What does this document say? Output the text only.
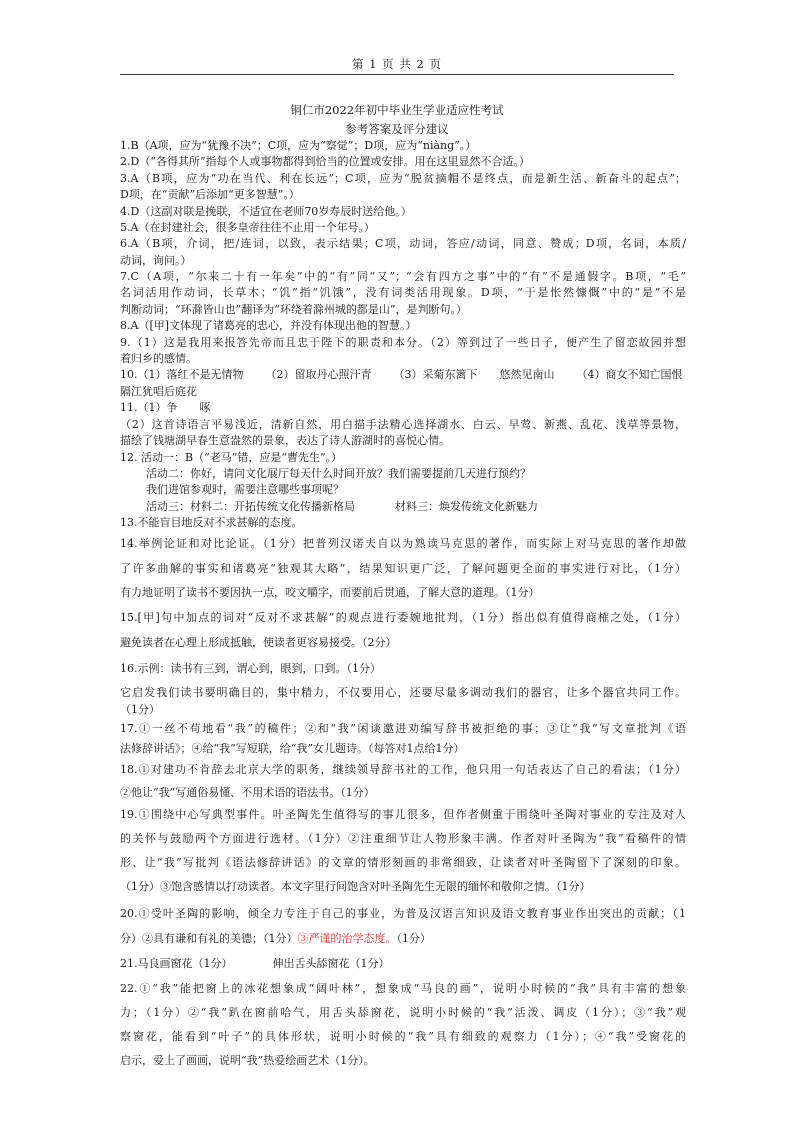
第 1 页 共 2 页
铜仁市2022年初中毕业生学业适应性考试
参考答案及评分建议
1.B（A项，应为“犹豫不决”；C项，应为“察觉”；D项，应为“niàng”。）
2.D（“各得其所”指每个人或事物都得到恰当的位置或安排。用在这里显然不合适。）
3.A（B项，应为“功在当代、利在长远”；C项，应为“脱贫摘帽不是终点，而是新生活、新奋斗的起点”；
D项，在“贡献”后添加“更多智慧”。）
4.D（这副对联是挽联，不适宜在老师70岁寿辰时送给他。）
5.A（在封建社会，很多皇帝往往不止用一个年号。）
6.A（B项，介词，把/连词，以致，表示结果；C项，动词，答应/动词，同意、赞成；D项，名词，本质/
动词，询问。）
7.C（A项，“尔来二十有一年矣”中的“有”同“又”；“会有四方之事”中的“有”不是通假字。B项，“毛”
名词活用作动词，长草木；“饥”指“饥饿”，没有词类活用现象。D项，“于是怅然慷慨”中的“是”不是
判断动词；“环滁皆山也”翻译为“环绕着滁州城的都是山”，是判断句。）
8.A（[甲]文体现了诸葛亮的忠心，并没有体现出他的智慧。）
9.（1）这是我用来报答先帝而且忠于陛下的职责和本分。（2）等到过了一些日子，便产生了留恋故园并想
着归乡的感情。
10.（1）落红不是无情物 （2）留取丹心照汗青 （3）采菊东篱下 悠然见南山 （4）商女不知亡国恨
隔江犹唱后庭花
11.（1）争 啄
（2）这首诗语言平易浅近，清新自然，用白描手法精心选择湖水、白云、早莺、新燕、乱花、浅草等景物，
描绘了钱塘湖早春生意盎然的景象，表达了诗人游湖时的喜悦心情。
12. 活动一：B（“老马”错，应是“曹先生”。）
活动二：你好，请问文化展厅每天什么时间开放？我们需要提前几天进行预约？
我们进馆参观时，需要注意哪些事项呢？
活动三：材料二：开拓传统文化传播新格局	材料三：焕发传统文化新魅力
13.不能盲目地反对不求甚解的态度。
14.举例论证和对比论证。（1分）把普列汉诺夫自以为熟读马克思的著作，而实际上对马克思的著作却做
了许多曲解的事实和诸葛亮“独观其大略”，结果知识更广泛，了解问题更全面的事实进行对比，（1分）
有力地证明了读书不要因执一点，咬文嚼字，而要前后贯通，了解大意的道理。（1分）
15.[甲]句中加点的词对“反对不求甚解”的观点进行委婉地批判，（1分）指出似有值得商榷之处，（1分）
避免读者在心理上形成抵触，使读者更容易接受。（2分）
16.示例：读书有三到，谓心到，眼到，口到。（1分）
它启发我们读书要明确目的，集中精力，不仅要用心，还要尽量多调动我们的器官，让多个器官共同工作。
（1分）
17.①一丝不苟地看“我”的稿件；②和“我”闲谈邀进劝编写辞书被拒绝的事；③让“我”写文章批判《语
法修辞讲话》；④给“我”写短联，给“我”女儿题诗。（每答对1点给1分）
18.①对建功不肯辞去北京大学的职务，继续领导辞书社的工作，他只用一句话表达了自己的看法；（1分）
②他让“我”写通俗易懂、不用术语的语法书。（1分）
19.①围绕中心写典型事件。叶圣陶先生值得写的事儿很多，但作者侧重于围绕叶圣陶对事业的专注及对人
的关怀与鼓励两个方面进行选材。（1分）②注重细节让人物形象丰满。作者对叶圣陶为“我”看稿件的情
形、让“我”写批判《语法修辞讲话》的文章的情形刻画的非常细致，让读者对叶圣陶留下了深刻的印象。
（1分）③饱含感情以打动读者。本文字里行间饱含对叶圣陶先生无限的缅怀和敬仰之情。（1分）
20.①受叶圣陶的影响，倾全力专注于自己的事业，为普及汉语言知识及语文教育事业作出突出的贡献；（1
分）②具有谦和有礼的美德；（1分）③严谨的治学态度。（1分）
21.马良画窗花（1分）	伸出舌头舔窗花（1分）
22.①“我”能把窗上的冰花想象成“阔叶林”，想象成“马良的画”，说明小时候的“我”具有丰富的想象
力；（1分）②“我”趴在窗前哈气，用舌头舔窗花，说明小时候的“我”活泼、调皮（1分）；③“我”观
察窗花，能看到“叶子”的具体形状，说明小时候的“我”具有细致的观察力（1分）；④“我”受窗花的
启示，爱上了画画，说明“我”热爱绘画艺术（1分）。
